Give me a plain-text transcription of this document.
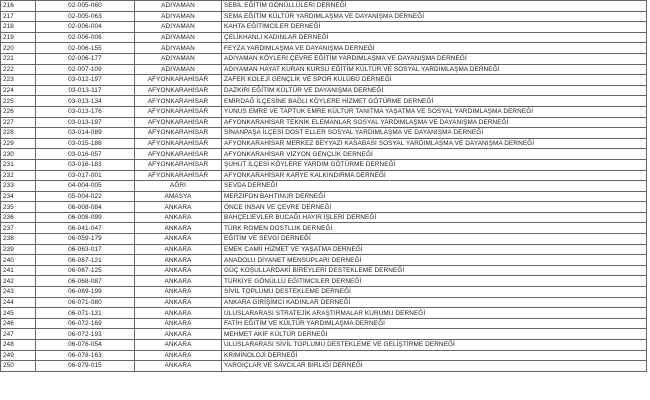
216	02-005-060	ADIYAMAN	SEBİL EĞİTİM GÖNÜLLÜLERİ DERNEĞİ
217	02-005-063	ADIYAMAN	SEMA EĞİTİM KÜLTÜR YARDIMLAŞMA VE DAYANIŞMA DERNEĞİ
218	02-006-004	ADIYAMAN	KAHTA EĞİTİMCİLER DERNEĞİ
219	02-006-006	ADIYAMAN	ÇELİKHANLI KADINLAR DERNEĞİ
220	02-006-155	ADIYAMAN	FEYZA YARDIMLAŞMA VE DAYANIŞMA DERNEĞİ
221	02-006-177	ADIYAMAN	ADIYAMAN KÖYLERİ ÇEVRE EĞİTİM YARDIMLAŞMA VE DAYANIŞMA DERNEĞİ
222	02-007-109	ADIYAMAN	ADIYAMAN HAYAT KURAN KURSU EĞİTİM KÜLTÜR VE SOSYAL YARDIMLAŞMA DERNEĞİ
223	03-012-197	AFYONKARAHİSAR	ZAFER KOLEJİ GENÇLİK VE SPOR KULÜBÜ DERNEĞİ
224	03-013-117	AFYONKARAHİSAR	DAZKIRI EĞİTİM KÜLTÜR VE DAYANIŞMA DERNEĞİ
225	03-013-134	AFYONKARAHİSAR	EMİRDAĞ İLÇESİNE BAĞLI KÖYLERE HİZMET GÖTÜRME DERNEĞİ
226	03-013-176	AFYONKARAHİSAR	YUNUS EMRE VE TAPTUK EMRE KÜLTÜR TANITMA YAŞATMA VE SOSYAL YARDIMLAŞMA DERNEĞİ
227	03-013-197	AFYONKARAHİSAR	AFYONKARAHİSAR TEKNİK ELEMANLAR SOSYAL YARDIMLAŞMA VE DAYANIŞMA DERNEĞİ
228	03-014-089	AFYONKARAHİSAR	SİNANPAŞA İLÇESİ DOST ELLER SOSYAL YARDIMLAŞMA VE DAYANIŞMA DERNEĞİ
229	03-015-186	AFYONKARAHİSAR	AFYONKARAHİSAR MERKEZ BEYYAZI KASABASI SOSYAL YARDIMLAŞMA VE DAYANIŞMA DERNEĞİ
230	03-016-057	AFYONKARAHİSAR	AFYONKARAHİSAR VİZYON GENÇLİK DERNEĞİ
231	03-016-183	AFYONKARAHİSAR	ŞUHUT İLÇESİ KÖYLERE YARDIM GÖTÜRME DERNEĞİ
232	03-017-001	AFYONKARAHİSAR	AFYONKARAHİSAR KARYE KALKINDIRMA DERNEĞİ
233	04-004-005	AĞRI	SEVDA DERNEĞİ
234	05-004-022	AMASYA	MERZİFON BAHTINUR DERNEĞİ
235	06-008-084	ANKARA	ÖNCE İNSAN VE ÇEVRE DERNEĞİ
236	06-008-099	ANKARA	BAHÇELİEVLER BUCAĞI HAYIR İŞLERİ DERNEĞİ
237	06-041-047	ANKARA	TÜRK ROMEN DOSTLUK DERNEĞİ
238	06-059-179	ANKARA	EĞİTİM VE SEVGİ DERNEĞİ
239	06-063-017	ANKARA	EMEK CAMİİ HİZMET VE YAŞATMA DERNEĞİ
240	06-067-121	ANKARA	ANADOLU DİYANET MENSUPLARI DERNEĞİ
241	06-067-125	ANKARA	GÜÇ KOŞULLARDAKİ BİREYLERİ DESTEKLEME DERNEĞİ
242	06-068-087	ANKARA	TÜRKİYE GÖNÜLLÜ EĞİTİMCİLER DERNEĞİ
243	06-069-199	ANKARA	SİVİL TOPLUMU DESTEKLEME DERNEĞİ
244	06-071-080	ANKARA	ANKARA GİRİŞİMCİ KADINLAR DERNEĞİ
245	06-071-131	ANKARA	ULUSLARARASI STRATEJİK ARAŞTIRMALAR KURUMU DERNEĞİ
246	06-072-169	ANKARA	FATİH EĞİTİM VE KÜLTÜR YARDIMLAŞMA DERNEĞİ
247	06-072-193	ANKARA	MEHMET AKİF KÜLTÜR DERNEĞİ
248	06-076-054	ANKARA	ULUSLARARASI SİVİL TOPLUMU DESTEKLEME VE GELİŞTİRME DERNEĞİ
249	06-078-163	ANKARA	KRİMİNOLOJİ DERNEĞİ
250	06-079-015	ANKARA	YARGIÇLAR VE SAVCILAR BİRLİĞİ DERNEĞİ
